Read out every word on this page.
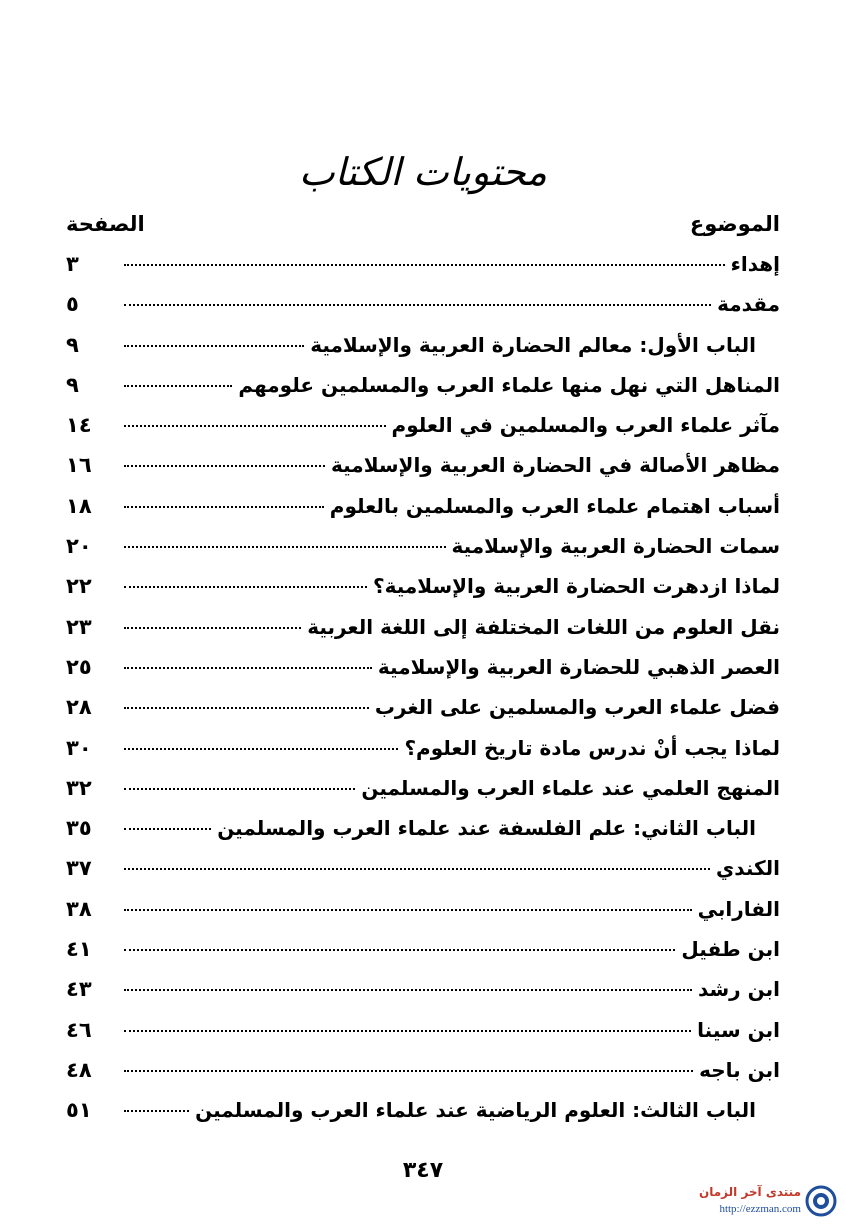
محتويات الكتاب
الموضوع
الصفحة
إهداء
٣
مقدمة
٥
الباب الأول: معالم الحضارة العربية والإسلامية
٩
المناهل التي نهل منها علماء العرب والمسلمين علومهم
٩
مآثر علماء العرب والمسلمين في العلوم
١٤
مظاهر الأصالة في الحضارة العربية والإسلامية
١٦
أسباب اهتمام علماء العرب والمسلمين بالعلوم
١٨
سمات الحضارة العربية والإسلامية
٢٠
لماذا ازدهرت الحضارة العربية والإسلامية؟
٢٢
نقل العلوم من اللغات المختلفة إلى اللغة العربية
٢٣
العصر الذهبي للحضارة العربية والإسلامية
٢٥
فضل علماء العرب والمسلمين على الغرب
٢٨
لماذا يجب أنْ ندرس مادة تاريخ العلوم؟
٣٠
المنهج العلمي عند علماء العرب والمسلمين
٣٢
الباب الثاني: علم الفلسفة عند علماء العرب والمسلمين
٣٥
الكندي
٣٧
الفارابي
٣٨
ابن طفيل
٤١
ابن رشد
٤٣
ابن سينا
٤٦
ابن باجه
٤٨
الباب الثالث: العلوم الرياضية عند علماء العرب والمسلمين
٥١
٣٤٧
منتدى آخر الزمان
http://ezzman.com
